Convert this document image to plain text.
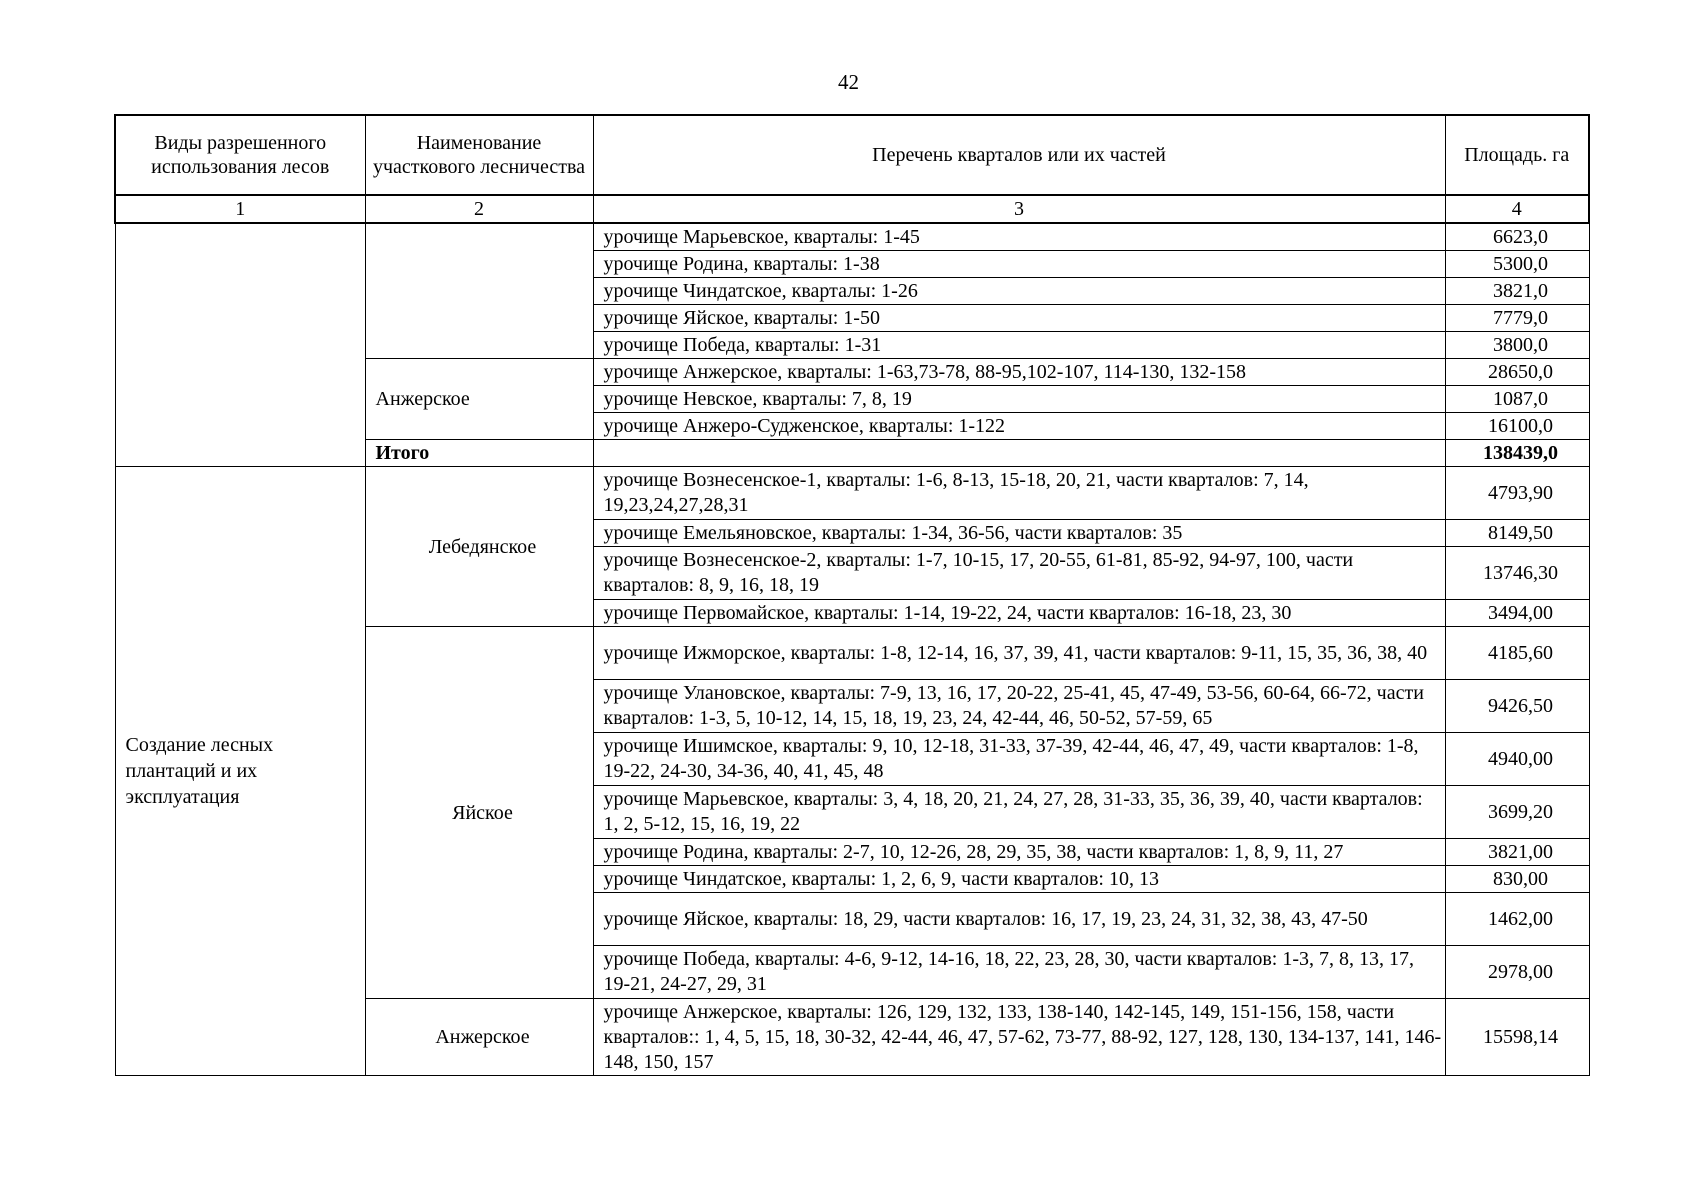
42
Виды разрешенного использования лесов	Наименование участкового лесничества	Перечень кварталов или их частей	Площадь. га
1	2	3	4
		урочище Марьевское, кварталы: 1-45	6623,0
		урочище Родина, кварталы: 1-38	5300,0
		урочище Чиндатское, кварталы: 1-26	3821,0
		урочище Яйское, кварталы: 1-50	7779,0
		урочище Победа, кварталы: 1-31	3800,0
	Анжерское	урочище Анжерское, кварталы: 1-63,73-78, 88-95,102-107, 114-130, 132-158	28650,0
		урочище Невское, кварталы: 7, 8, 19	1087,0
		урочище Анжеро-Судженское, кварталы: 1-122	16100,0
	Итого		138439,0
Создание лесных плантаций и их эксплуатация	Лебедянское	урочище Вознесенское-1, кварталы: 1-6, 8-13, 15-18, 20, 21, части кварталов: 7, 14, 19,23,24,27,28,31	4793,90
		урочище Емельяновское, кварталы: 1-34, 36-56, части кварталов: 35	8149,50
		урочище Вознесенское-2, кварталы: 1-7, 10-15, 17, 20-55, 61-81, 85-92, 94-97, 100, части кварталов: 8, 9, 16, 18, 19	13746,30
		урочище Первомайское, кварталы: 1-14, 19-22, 24, части кварталов: 16-18, 23, 30	3494,00
	Яйское	урочище Ижморское, кварталы: 1-8, 12-14, 16, 37, 39, 41, части кварталов: 9-11, 15, 35, 36, 38, 40	4185,60
		урочище Улановское, кварталы: 7-9, 13, 16, 17, 20-22, 25-41, 45, 47-49, 53-56, 60-64, 66-72, части кварталов: 1-3, 5, 10-12, 14, 15, 18, 19, 23, 24, 42-44, 46, 50-52, 57-59, 65	9426,50
		урочище Ишимское, кварталы: 9, 10, 12-18, 31-33, 37-39, 42-44, 46, 47, 49, части кварталов: 1-8, 19-22, 24-30, 34-36, 40, 41, 45, 48	4940,00
		урочище Марьевское, кварталы: 3, 4, 18, 20, 21, 24, 27, 28, 31-33, 35, 36, 39, 40, части кварталов: 1, 2, 5-12, 15, 16, 19, 22	3699,20
		урочище Родина, кварталы: 2-7, 10, 12-26, 28, 29, 35, 38, части кварталов: 1, 8, 9, 11, 27	3821,00
		урочище Чиндатское, кварталы: 1, 2, 6, 9, части кварталов: 10, 13	830,00
		урочище Яйское, кварталы: 18, 29, части кварталов: 16, 17, 19, 23, 24, 31, 32, 38, 43, 47-50	1462,00
		урочище Победа, кварталы: 4-6, 9-12, 14-16, 18, 22, 23, 28, 30, части кварталов: 1-3, 7, 8, 13, 17, 19-21, 24-27, 29, 31	2978,00
	Анжерское	урочище Анжерское, кварталы: 126, 129, 132, 133, 138-140, 142-145, 149, 151-156, 158, части кварталов:: 1, 4, 5, 15, 18, 30-32, 42-44, 46, 47, 57-62, 73-77, 88-92, 127, 128, 130, 134-137, 141, 146-148, 150, 157	15598,14
